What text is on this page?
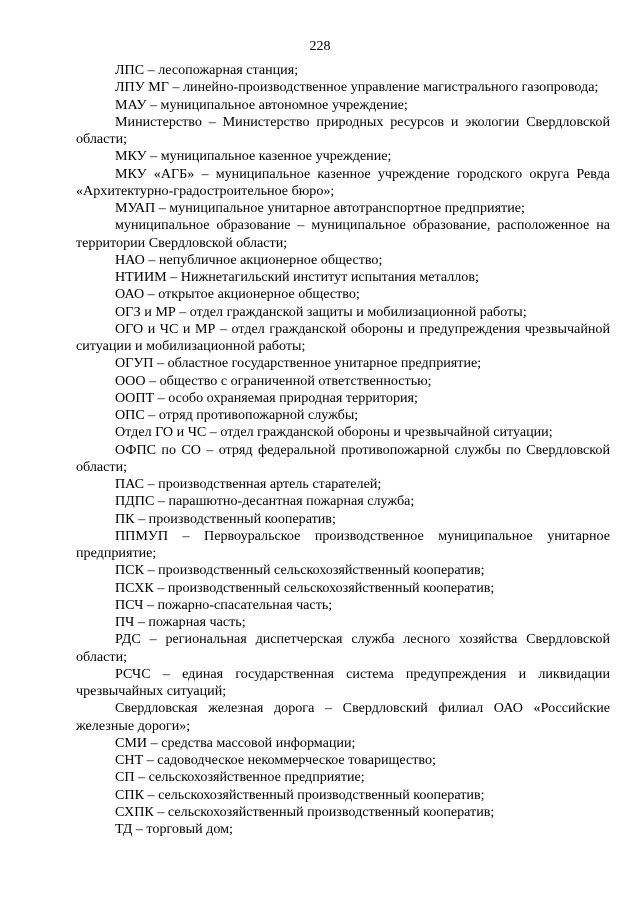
228

ЛПС – лесопожарная станция;

ЛПУ МГ – линейно-производственное управление магистрального газопровода;

МАУ – муниципальное автономное учреждение;

Министерство – Министерство природных ресурсов и экологии Свердловской области;

МКУ – муниципальное казенное учреждение;

МКУ «АГБ» – муниципальное казенное учреждение городского округа Ревда «Архитектурно-градостроительное бюро»;

МУАП – муниципальное унитарное автотранспортное предприятие;

муниципальное образование – муниципальное образование, расположенное на территории Свердловской области;

НАО – непубличное акционерное общество;

НТИИМ – Нижнетагильский институт испытания металлов;

ОАО – открытое акционерное общество;

ОГЗ и МР – отдел гражданской защиты и мобилизационной работы;

ОГО и ЧС и МР – отдел гражданской обороны и предупреждения чрезвычайной ситуации и мобилизационной работы;

ОГУП – областное государственное унитарное предприятие;

ООО – общество с ограниченной ответственностью;

ООПТ – особо охраняемая природная территория;

ОПС – отряд противопожарной службы;

Отдел ГО и ЧС – отдел гражданской обороны и чрезвычайной ситуации;

ОФПС по СО – отряд федеральной противопожарной службы по Свердловской области;

ПАС – производственная артель старателей;

ПДПС – парашютно-десантная пожарная служба;

ПК – производственный кооператив;

ППМУП – Первоуральское производственное муниципальное унитарное предприятие;

ПСК – производственный сельскохозяйственный кооператив;

ПСХК – производственный сельскохозяйственный кооператив;

ПСЧ – пожарно-спасательная часть;

ПЧ – пожарная часть;

РДС – региональная диспетчерская служба лесного хозяйства Свердловской области;

РСЧС – единая государственная система предупреждения и ликвидации чрезвычайных ситуаций;

Свердловская железная дорога – Свердловский филиал ОАО «Российские железные дороги»;

СМИ – средства массовой информации;

СНТ – садоводческое некоммерческое товарищество;

СП – сельскохозяйственное предприятие;

СПК – сельскохозяйственный производственный кооператив;

СХПК – сельскохозяйственный производственный кооператив;

ТД – торговый дом;
